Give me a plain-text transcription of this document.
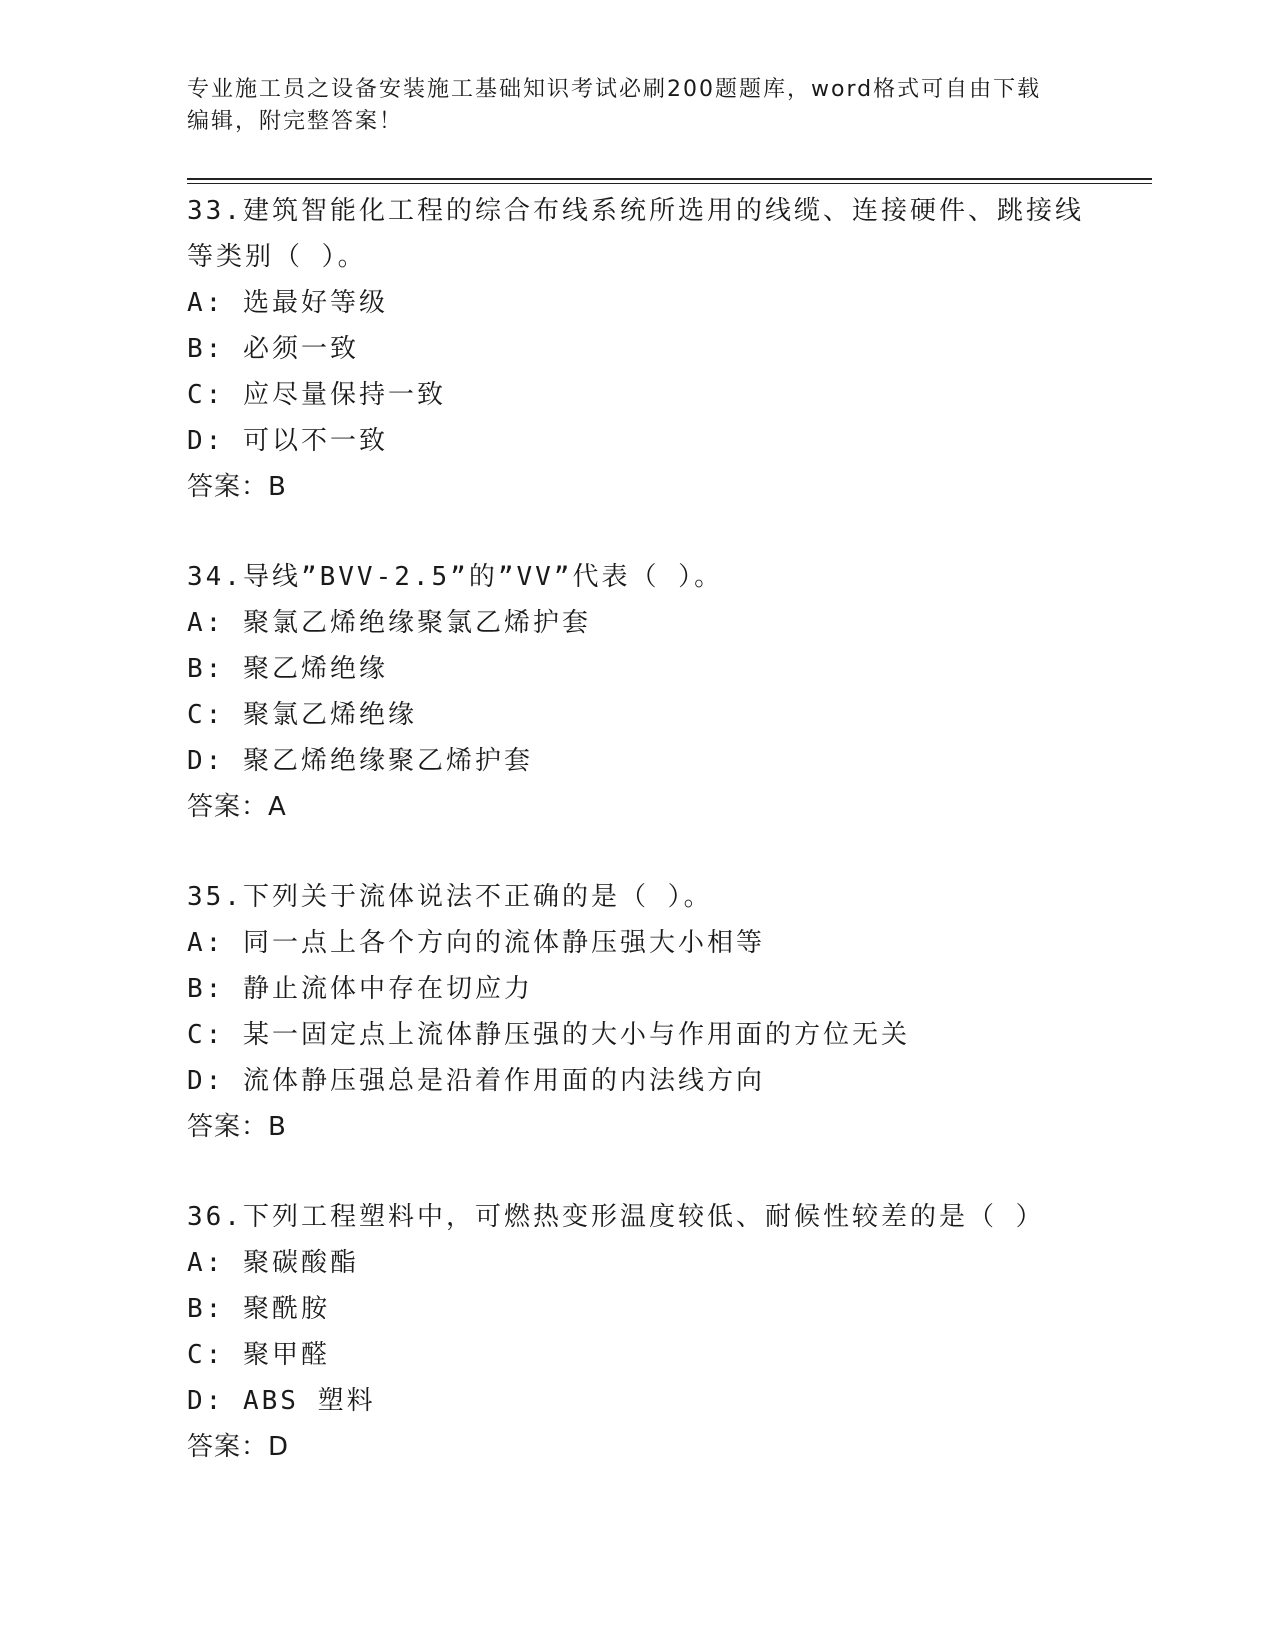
专业施工员之设备安装施工基础知识考试必刷200题题库，word格式可自由下载
编辑，附完整答案！
33.建筑智能化工程的综合布线系统所选用的线缆、连接硬件、跳接线
等类别（ ）。
A: 选最好等级
B: 必须一致
C: 应尽量保持一致
D: 可以不一致
答案：B
34.导线”BVV-2.5”的”VV”代表（ ）。
A: 聚氯乙烯绝缘聚氯乙烯护套
B: 聚乙烯绝缘
C: 聚氯乙烯绝缘
D: 聚乙烯绝缘聚乙烯护套
答案：A
35.下列关于流体说法不正确的是（ ）。
A: 同一点上各个方向的流体静压强大小相等
B: 静止流体中存在切应力
C: 某一固定点上流体静压强的大小与作用面的方位无关
D: 流体静压强总是沿着作用面的内法线方向
答案：B
36.下列工程塑料中，可燃热变形温度较低、耐候性较差的是（ ）
A: 聚碳酸酯
B: 聚酰胺
C: 聚甲醛
D: ABS 塑料
答案：D
